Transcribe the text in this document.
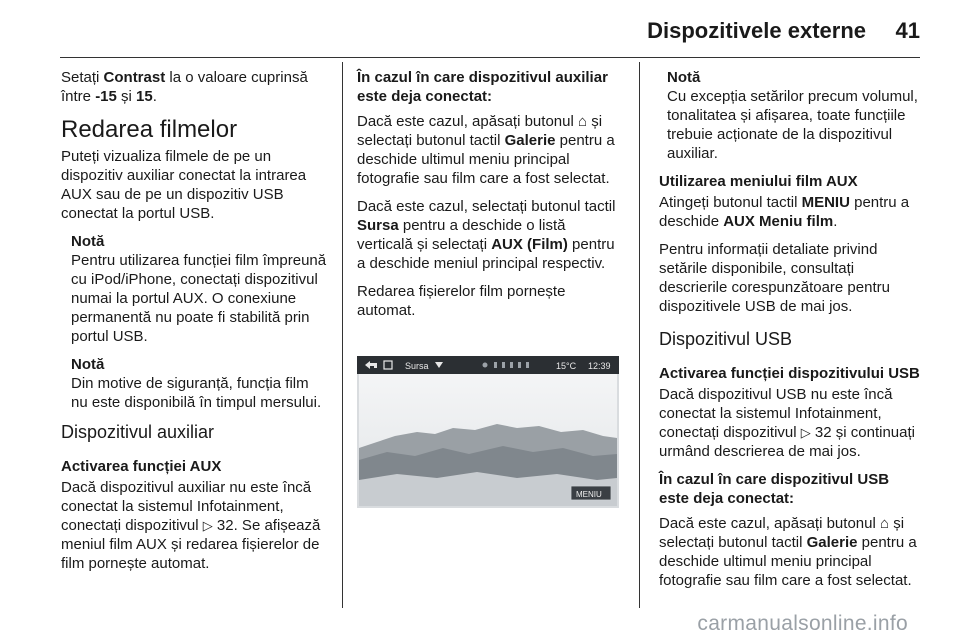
Dispozitivele externe 41

Setați Contrast la o valoare cuprinsă între -15 și 15.

Redarea filmelor

Puteți vizualiza filmele de pe un dispozitiv auxiliar conectat la intrarea AUX sau de pe un dispozitiv USB conectat la portul USB.

Notă
Pentru utilizarea funcției film împreună cu iPod/iPhone, conectați dispozitivul numai la portul AUX. O conexiune permanentă nu poate fi stabilită prin portul USB.
Notă
Din motive de siguranță, funcția film nu este disponibilă în timpul mersului.
Dispozitivul auxiliar
Activarea funcției AUX

Dacă dispozitivul auxiliar nu este încă conectat la sistemul Infotainment, conectați dispozitivul ▷ 32. Se afișează meniul film AUX și redarea fișierelor de film pornește automat.

În cazul în care dispozitivul auxiliar este deja conectat:

Dacă este cazul, apăsați butonul ⌂ și selectați butonul tactil Galerie pentru a deschide ultimul meniu principal fotografie sau film care a fost selectat.

Dacă este cazul, selectați butonul tactil Sursa pentru a deschide o listă verticală și selectați AUX (Film) pentru a deschide meniul principal respectiv.

Redarea fișierelor film pornește automat.

Sursa	15°C 12:39
MENIU
Notă
Cu excepția setărilor precum volumul, tonalitatea și afișarea, toate funcțiile trebuie acționate de la dispozitivul auxiliar.
Utilizarea meniului film AUX

Atingeți butonul tactil MENIU pentru a deschide AUX Meniu film.

Pentru informații detaliate privind setările disponibile, consultați descrierile corespunzătoare pentru dispozitivele USB de mai jos.

Dispozitivul USB
Activarea funcției dispozitivului USB

Dacă dispozitivul USB nu este încă conectat la sistemul Infotainment, conectați dispozitivul ▷ 32 și continuați urmând descrierea de mai jos.

În cazul în care dispozitivul USB este deja conectat:

Dacă este cazul, apăsați butonul ⌂ și selectați butonul tactil Galerie pentru a deschide ultimul meniu principal fotografie sau film care a fost selectat.

carmanualsonline.info
